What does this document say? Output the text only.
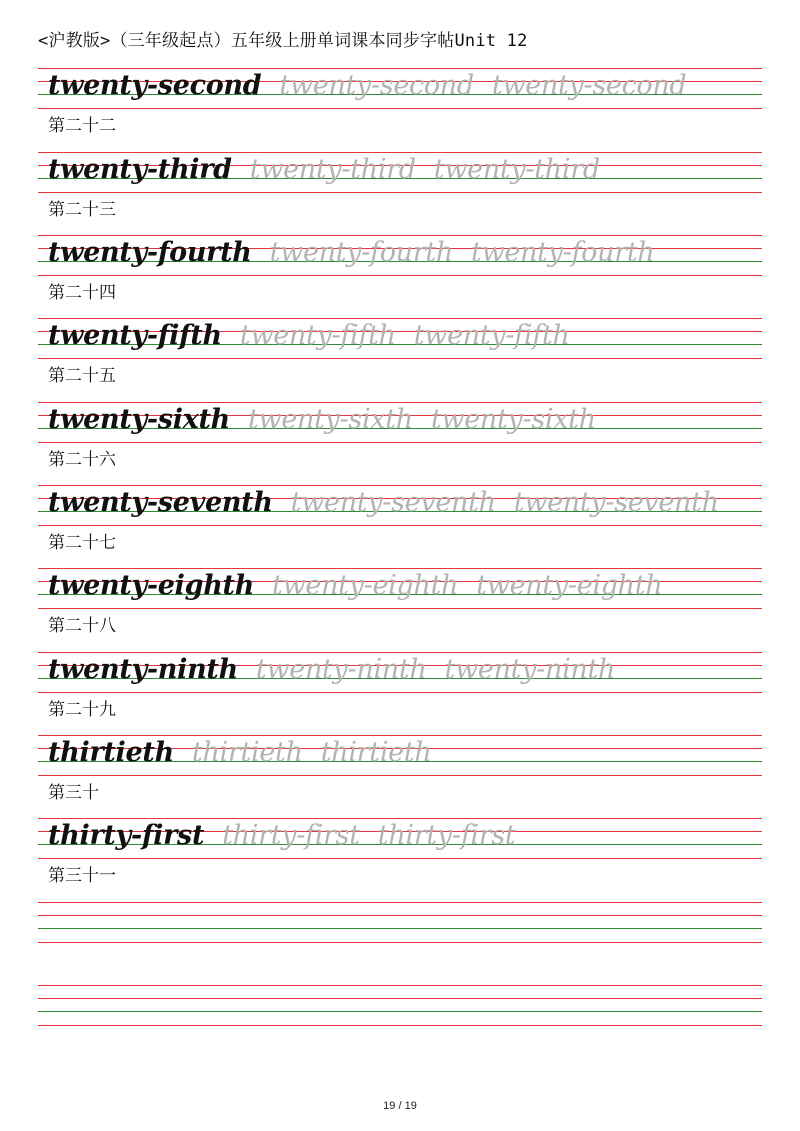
<沪教版>（三年级起点）五年级上册单词课本同步字帖Unit 12
twenty-second twenty-second twenty-second
第二十二
twenty-third twenty-third twenty-third
第二十三
twenty-fourth twenty-fourth twenty-fourth
第二十四
twenty-fifth twenty-fifth twenty-fifth
第二十五
twenty-sixth twenty-sixth twenty-sixth
第二十六
twenty-seventh twenty-seventh twenty-seventh
第二十七
twenty-eighth twenty-eighth twenty-eighth
第二十八
twenty-ninth twenty-ninth twenty-ninth
第二十九
thirtieth thirtieth thirtieth
第三十
thirty-first thirty-first thirty-first
第三十一
19 / 19
